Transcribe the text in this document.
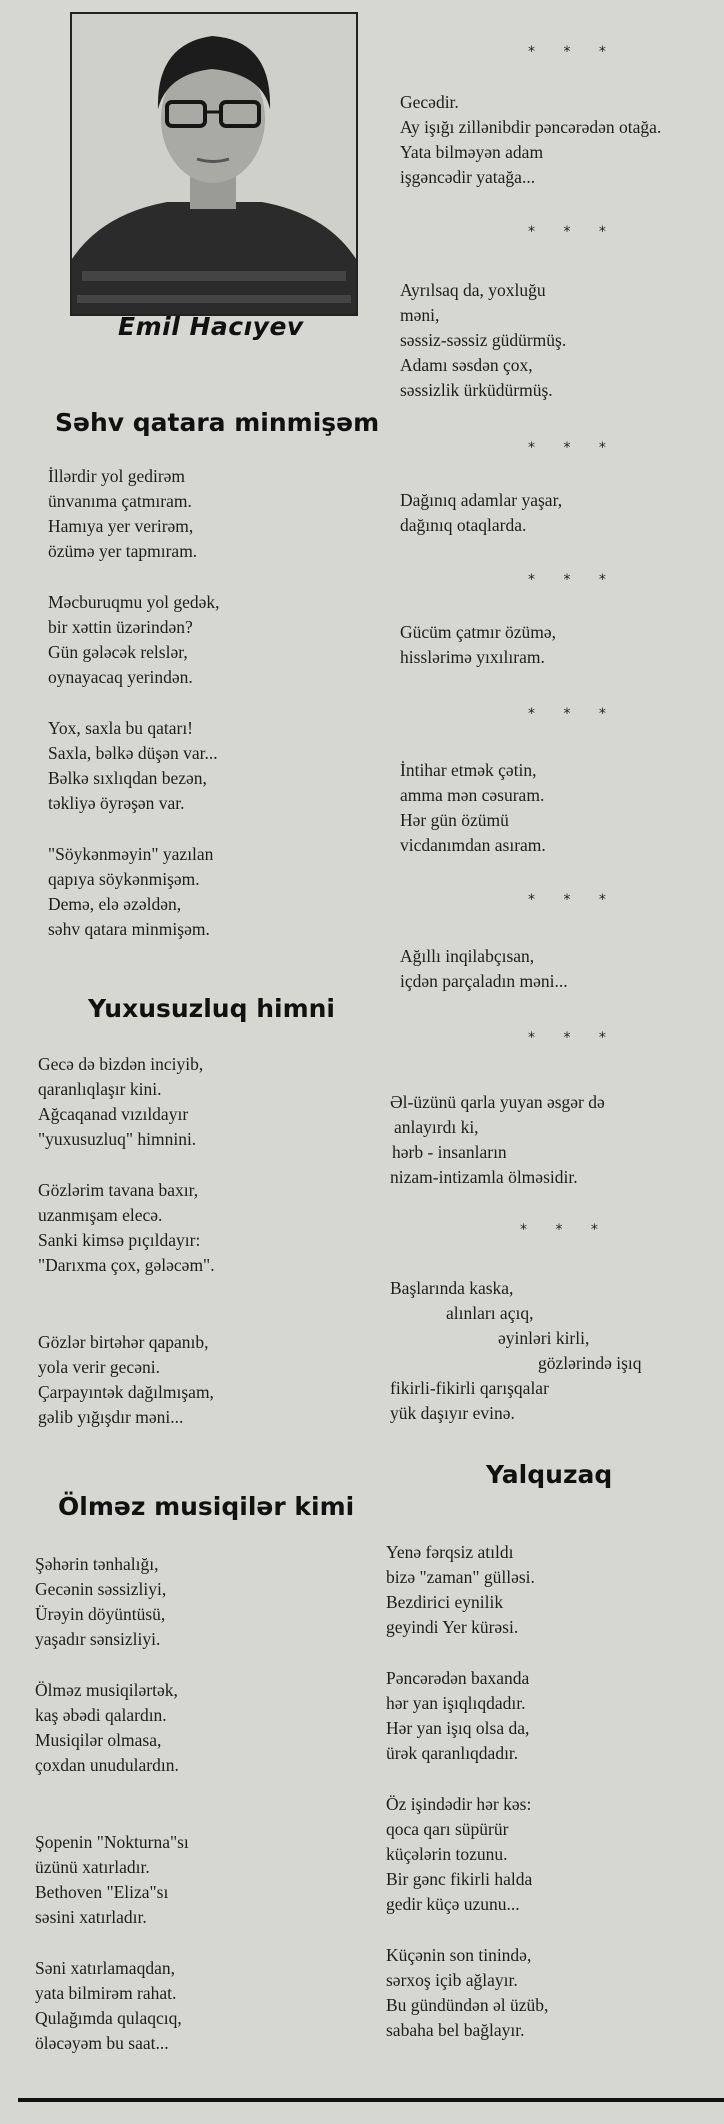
Emil Hacıyev
Səhv qatara minmişəm
İllərdir yol gedirəm
ünvanıma çatmıram.
Hamıya yer verirəm,
özümə yer tapmıram.
Məcburuqmu yol gedək,
bir xəttin üzərindən?
Gün gələcək relslər,
oynayacaq yerindən.
Yox, saxla bu qatarı!
Saxla, bəlkə düşən var...
Bəlkə sıxlıqdan bezən,
təkliyə öyrəşən var.
"Söykənməyin" yazılan
qapıya söykənmişəm.
Demə, elə əzəldən,
səhv qatara minmişəm.
Yuxusuzluq himni
Gecə də bizdən inciyib,
qaranlıqlaşır kini.
Ağcaqanad vızıldayır
"yuxusuzluq" himnini.
Gözlərim tavana baxır,
uzanmışam elecə.
Sanki kimsə pıçıldayır:
"Darıxma çox, gələcəm".
Gözlər birtəhər qapanıb,
yola verir gecəni.
Çarpayıntək dağılmışam,
gəlib yığışdır məni...
Ölməz musiqilər kimi
Şəhərin tənhalığı,
Gecənin səssizliyi,
Ürəyin döyüntüsü,
yaşadır sənsizliyi.
Ölməz musiqilərtək,
kaş əbədi qalardın.
Musiqilər olmasa,
çoxdan unudulardın.
Şopenin "Nokturna"sı
üzünü xatırladır.
Bethoven "Eliza"sı
səsini xatırladır.
Səni xatırlamaqdan,
yata bilmirəm rahat.
Qulağımda qulaqcıq,
öləcəyəm bu saat...
* * *
Gecədir.
Ay işığı zillənibdir pəncərədən otağa.
Yata bilməyən adam
işgəncədir yatağa...
* * *
Ayrılsaq da, yoxluğu
məni,
səssiz-səssiz güdürmüş.
Adamı səsdən çox,
səssizlik ürküdürmüş.
* * *
Dağınıq adamlar yaşar,
dağınıq otaqlarda.
* * *
Gücüm çatmır özümə,
hisslərimə yıxılıram.
* * *
İntihar etmək çətin,
amma mən cəsuram.
Hər gün özümü
vicdanımdan asıram.
* * *
Ağıllı inqilabçısan,
içdən parçaladın məni...
* * *
Əl-üzünü qarla yuyan əsgər də
anlayırdı ki,
hərb - insanların
nizam-intizamla ölməsidir.
* * *
Başlarında kaska,
alınları açıq,
əyinləri kirli,
gözlərində işıq
fikirli-fikirli qarışqalar
yük daşıyır evinə.
Yalquzaq
Yenə fərqsiz atıldı
bizə "zaman" gülləsi.
Bezdirici eynilik
geyindi Yer kürəsi.
Pəncərədən baxanda
hər yan işıqlıqdadır.
Hər yan işıq olsa da,
ürək qaranlıqdadır.
Öz işindədir hər kəs:
qoca qarı süpürür
küçələrin tozunu.
Bir gənc fikirli halda
gedir küçə uzunu...
Küçənin son tinində,
sərxoş içib ağlayır.
Bu gündündən əl üzüb,
sabaha bel bağlayır.
